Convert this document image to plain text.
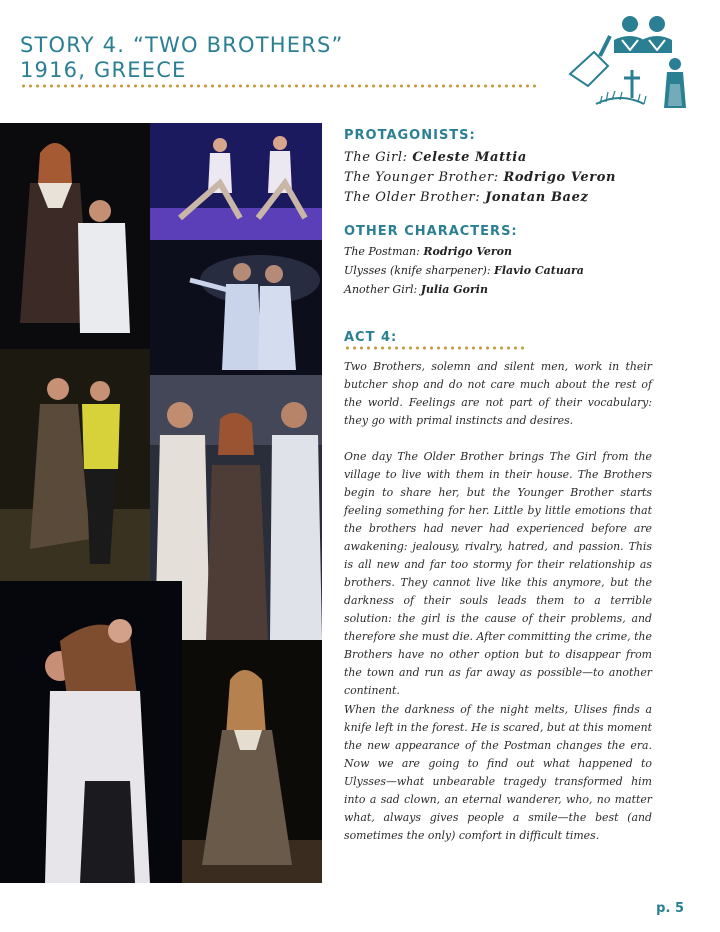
STORY 4. “TWO BROTHERS”
1916, GREECE
PROTAGONISTS:
The Girl: Celeste Mattia
The Younger Brother: Rodrigo Veron
The Older Brother: Jonatan Baez
OTHER CHARACTERS:
The Postman: Rodrigo Veron
Ulysses (knife sharpener): Flavio Catuara
Another Girl: Julia Gorin
ACT 4:
Two Brothers, solemn and silent men, work in their butcher shop and do not care much about the rest of the world. Feelings are not part of their vocabulary: they go with primal instincts and desires.
One day The Older Brother brings The Girl from the village to live with them in their house. The Brothers begin to share her, but the Younger Brother starts feeling something for her. Little by little emotions that the brothers had never had experienced before are awakening: jealousy, rivalry, hatred, and passion. This is all new and far too stormy for their relationship as brothers. They cannot live like this anymore, but the darkness of their souls leads them to a terrible solution: the girl is the cause of their problems, and therefore she must die. After committing the crime, the Brothers have no other option but to disappear from the town and run as far away as possible—to another continent.
When the darkness of the night melts, Ulises finds a knife left in the forest. He is scared, but at this moment the new appearance of the Postman changes the era. Now we are going to find out what happened to Ulysses—what unbearable tragedy transformed him into a sad clown, an eternal wanderer, who, no matter what, always gives people a smile—the best (and sometimes the only) comfort in difficult times.
p. 5
